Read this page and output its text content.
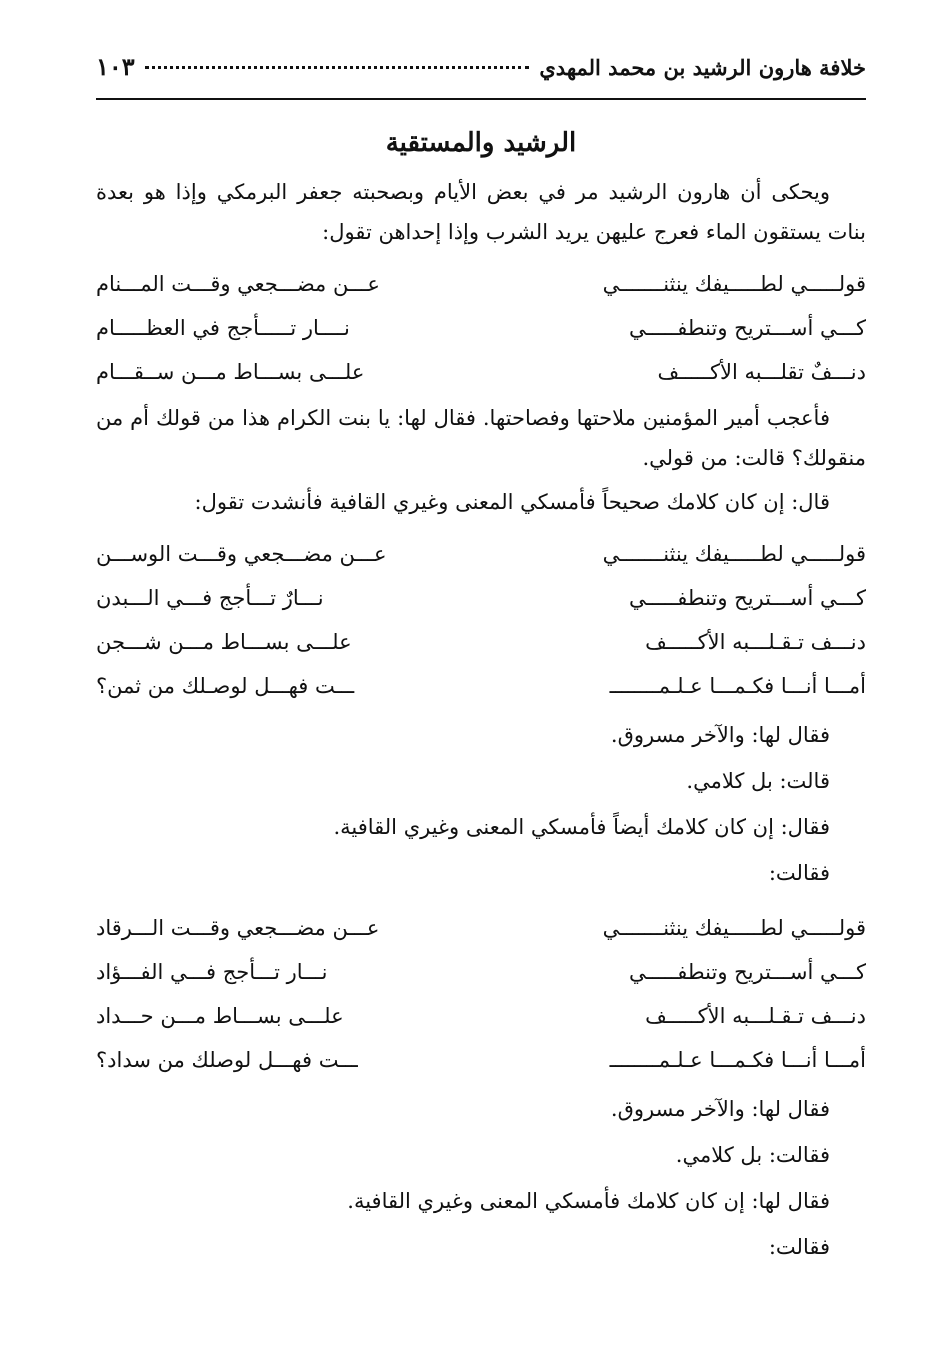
خلافة هارون الرشيد بن محمد المهدي
١٠٣
الرشيد والمستقية

ويحكى أن هارون الرشيد مر في بعض الأيام وبصحبته جعفر البرمكي وإذا هو بعدة بنات يستقون الماء فعرج عليهن يريد الشرب وإذا إحداهن تقول:

قولـــــي لطـــــيفك ينثنـــــــي
عـــن مضـــجعي وقـــت المـــنام
كـــي أســـتريح وتنطفـــــي
نــــار تـــــأجج في العظـــــام
دنـــفٌ تقلـــبه الأكـــــف
علـــى بســـاط مـــن ســقـــام

فأعجب أمير المؤمنين ملاحتها وفصاحتها. فقال لها: يا بنت الكرام هذا من قولك أم من منقولك؟ قالت: من قولي.

قال: إن كان كلامك صحيحاً فأمسكي المعنى وغيري القافية فأنشدت تقول:

قولـــــي لطـــــيفك ينثنـــــــي
عـــن مضـــجعي وقـــت الوســـن
كـــي أســـتريح وتنطفـــــي
نـــارٌ تـــأجج فـــي الـــبدن
دنـــف تـقـلـــبه الأكـــــف
علـــى بســـاط مـــن شـــجن
أمـــا أنـــا فكـمـــا عـلـمــــــــ
ـــت فهـــل لوصـلك من ثمن؟
فقال لها: والآخر مسروق.
قالت: بل كلامي.
فقال: إن كان كلامك أيضاً فأمسكي المعنى وغيري القافية.
فقالت:
قولـــــي لطـــــيفك ينثنـــــــي
عـــن مضـــجعي وقـــت الـــرقاد
كـــي أســـتريح وتنطفـــــي
نـــار تـــأجج فـــي الفـــؤاد
دنـــف تـقـلـــبه الأكـــــف
علـــى بســـاط مـــن حـــداد
أمـــا أنـــا فكـمـــا عـلـمــــــــ
ـــت فهـــل لوصلك من سداد؟
فقال لها: والآخر مسروق.
فقالت: بل كلامي.
فقال لها: إن كان كلامك فأمسكي المعنى وغيري القافية.
فقالت:
